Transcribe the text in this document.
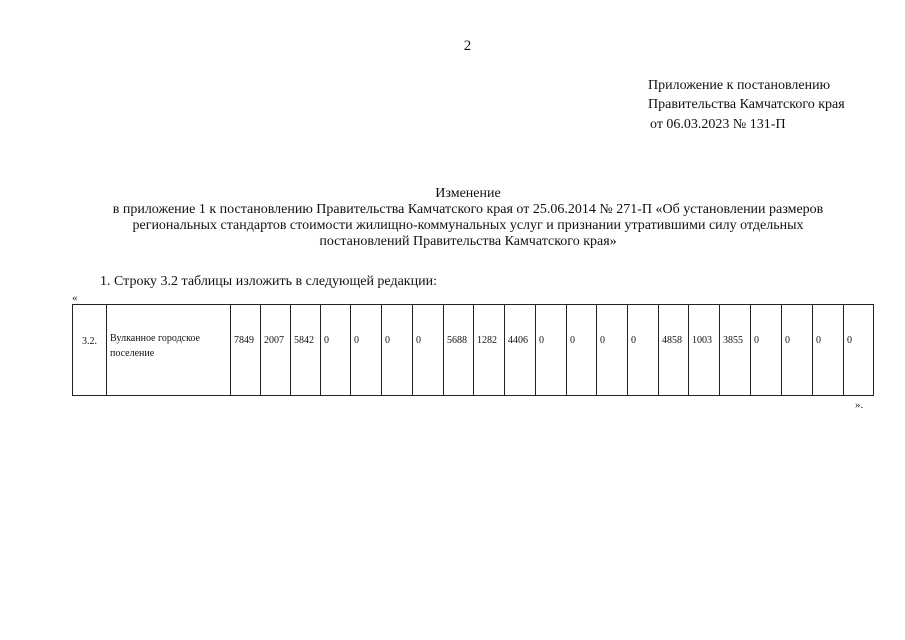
2
Приложение к постановлению
Правительства Камчатского края
от 06.03.2023 № 131-П
Изменение
в приложение 1 к постановлению Правительства Камчатского края от 25.06.2014 № 271-П «Об установлении размеров
региональных стандартов стоимости жилищно-коммунальных услуг и признании утратившими силу отдельных
постановлений Правительства Камчатского края»
1. Строку 3.2 таблицы изложить в следующей редакции:
«
3.2.	Вулканное городское поселение	7849	2007	5842	0	0	0	0	5688	1282	4406	0	0	0	0	4858	1003	3855	0	0	0	0
».
